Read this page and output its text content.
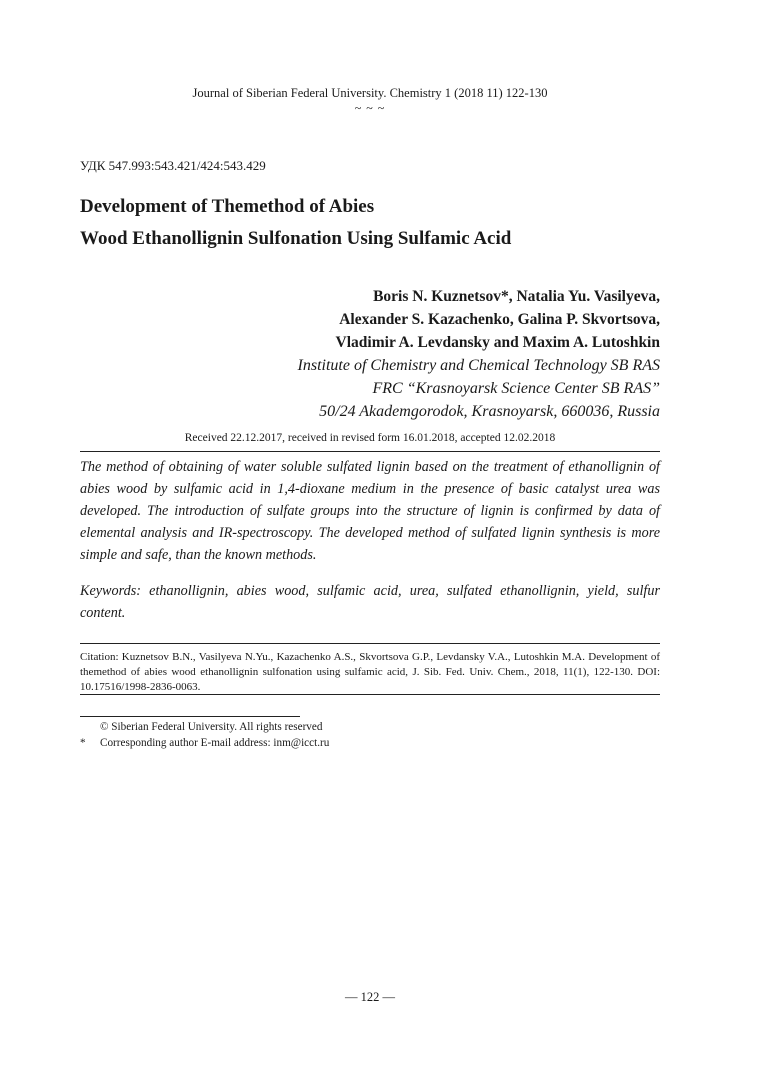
Journal of Siberian Federal University. Chemistry 1 (2018 11) 122-130
~ ~ ~
УДК 547.993:543.421/424:543.429
Development of Themethod of Abies
Wood Ethanollignin Sulfonation Using Sulfamic Acid
Boris N. Kuznetsov*, Natalia Yu. Vasilyeva,
Alexander S. Kazachenko, Galina P. Skvortsova,
Vladimir A. Levdansky and Maxim A. Lutoshkin
Institute of Chemistry and Chemical Technology SB RAS
FRC “Krasnoyarsk Science Center SB RAS”
50/24 Akademgorodok, Krasnoyarsk, 660036, Russia
Received 22.12.2017, received in revised form 16.01.2018, accepted 12.02.2018
The method of obtaining of water soluble sulfated lignin based on the treatment of ethanollignin of abies wood by sulfamic acid in 1,4-dioxane medium in the presence of basic catalyst urea was developed. The introduction of sulfate groups into the structure of lignin is confirmed by data of elemental analysis and IR-spectroscopy. The developed method of sulfated lignin synthesis is more simple and safe, than the known methods.
Keywords: ethanollignin, abies wood, sulfamic acid, urea, sulfated ethanollignin, yield, sulfur content.
Citation: Kuznetsov B.N., Vasilyeva N.Yu., Kazachenko A.S., Skvortsova G.P., Levdansky V.A., Lutoshkin M.A. Development of themethod of abies wood ethanollignin sulfonation using sulfamic acid, J. Sib. Fed. Univ. Chem., 2018, 11(1), 122-130. DOI: 10.17516/1998-2836-0063.
© Siberian Federal University. All rights reserved
* Corresponding author E-mail address: inm@icct.ru
― 122 ―
